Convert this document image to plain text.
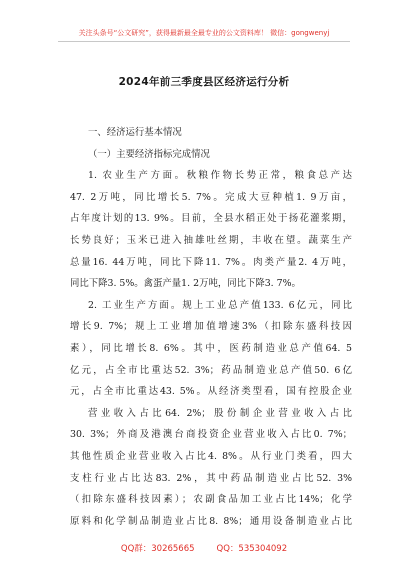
关注头条号“公文研究”，获得最新最全最专业的公文资料库！ 微信：gongwenyj
2024年前三季度县区经济运行分析

一、经济运行基本情况

（一）主要经济指标完成情况

1. 农业生产方面。秋粮作物长势正常，粮食总产达

47. 2万吨，同比增长5. 7%。完成大豆种植1. 9万亩，

占年度计划的13. 9%。目前，全县水稻正处于扬花灌浆期，

长势良好；玉米已进入抽雄吐丝期，丰收在望。蔬菜生产

总量16. 44万吨，同比下降11. 7%。肉类产量2. 4万吨，

同比下降3. 5%。禽蛋产量1. 2万吨，同比下降3. 7%。

2. 工业生产方面。规上工业总产值133. 6亿元，同比

增长9. 7%；规上工业增加值增速3%（扣除东盛科技因

素），同比增长8. 6%。其中，医药制造业总产值64. 5

亿元，占全市比重达52. 3%；药品制造业总产值50. 6亿

元，占全市比重达43. 5%。从经济类型看，国有控股企业

营业收入占比64. 2%；股份制企业营业收入占比

30. 3%；外商及港澳台商投资企业营业收入占比0. 7%；

其他性质企业营业收入占比4. 8%。从行业门类看，四大

支柱行业占比达83. 2%，其中药品制造业占比52. 3%

（扣除东盛科技因素）；农副食品加工业占比14%；化学

原料和化学制品制造业占比8. 8%；通用设备制造业占比

QQ群：30265665	QQ：535304092
